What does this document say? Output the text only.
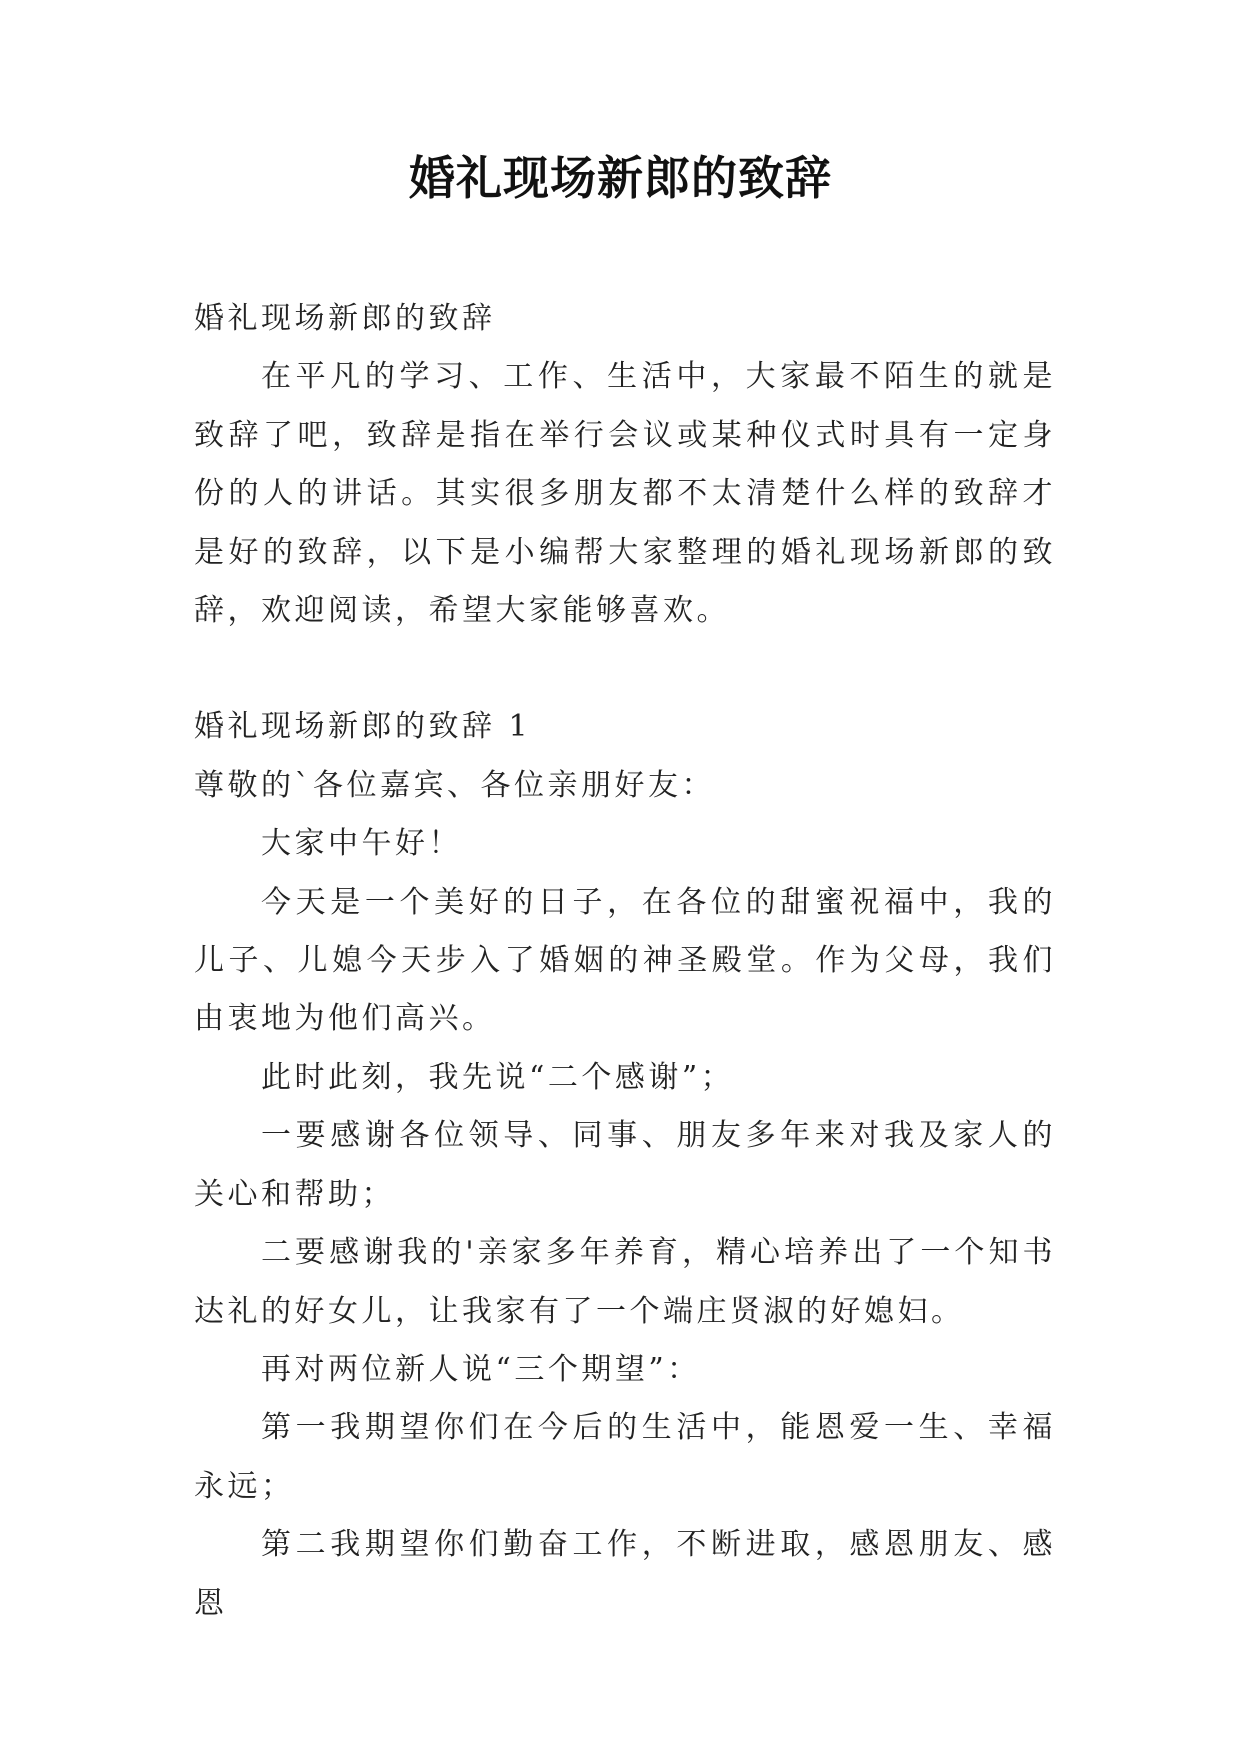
婚礼现场新郎的致辞

婚礼现场新郎的致辞

在平凡的学习、工作、生活中，大家最不陌生的就是致辞了吧，致辞是指在举行会议或某种仪式时具有一定身份的人的讲话。其实很多朋友都不太清楚什么样的致辞才是好的致辞，以下是小编帮大家整理的婚礼现场新郎的致辞，欢迎阅读，希望大家能够喜欢。

婚礼现场新郎的致辞 1

尊敬的`各位嘉宾、各位亲朋好友：

大家中午好！

今天是一个美好的日子，在各位的甜蜜祝福中，我的儿子、儿媳今天步入了婚姻的神圣殿堂。作为父母，我们由衷地为他们高兴。

此时此刻，我先说“二个感谢”；

一要感谢各位领导、同事、朋友多年来对我及家人的关心和帮助；

二要感谢我的'亲家多年养育，精心培养出了一个知书达礼的好女儿，让我家有了一个端庄贤淑的好媳妇。

再对两位新人说“三个期望”：

第一我期望你们在今后的生活中，能恩爱一生、幸福永远；

第二我期望你们勤奋工作，不断进取，感恩朋友、感恩
